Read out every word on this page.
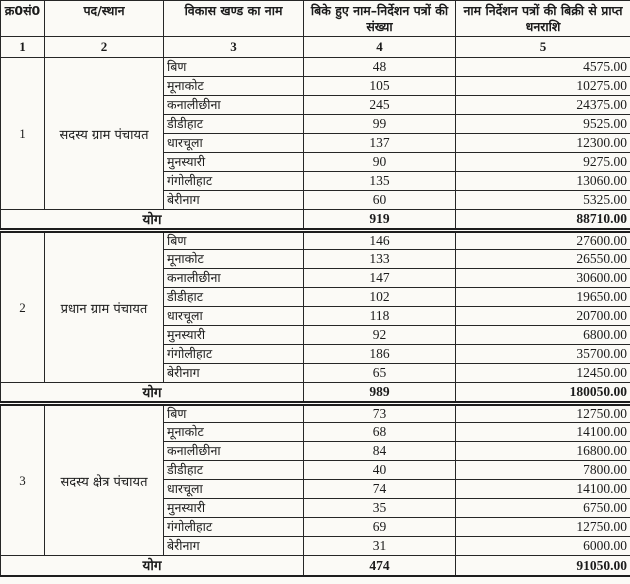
क्र0सं0	पद/स्थान	विकास खण्ड का नाम	बिके हुए नाम–निर्देशन पत्रों की संख्या	नाम निर्देशन पत्रों की बिक्री से प्राप्त धनराशि
1	2	3	4	5
1	सदस्य ग्राम पंचायत	बिण	48	4575.00
		मूनाकोट	105	10275.00
		कनालीछीना	245	24375.00
		डीडीहाट	99	9525.00
		धारचूला	137	12300.00
		मुनस्यारी	90	9275.00
		गंगोलीहाट	135	13060.00
		बेरीनाग	60	5325.00
योग			919	88710.00
2	प्रधान ग्राम पंचायत	बिण	146	27600.00
		मूनाकोट	133	26550.00
		कनालीछीना	147	30600.00
		डीडीहाट	102	19650.00
		धारचूला	118	20700.00
		मुनस्यारी	92	6800.00
		गंगोलीहाट	186	35700.00
		बेरीनाग	65	12450.00
योग			989	180050.00
3	सदस्य क्षेत्र पंचायत	बिण	73	12750.00
		मूनाकोट	68	14100.00
		कनालीछीना	84	16800.00
		डीडीहाट	40	7800.00
		धारचूला	74	14100.00
		मुनस्यारी	35	6750.00
		गंगोलीहाट	69	12750.00
		बेरीनाग	31	6000.00
योग			474	91050.00
